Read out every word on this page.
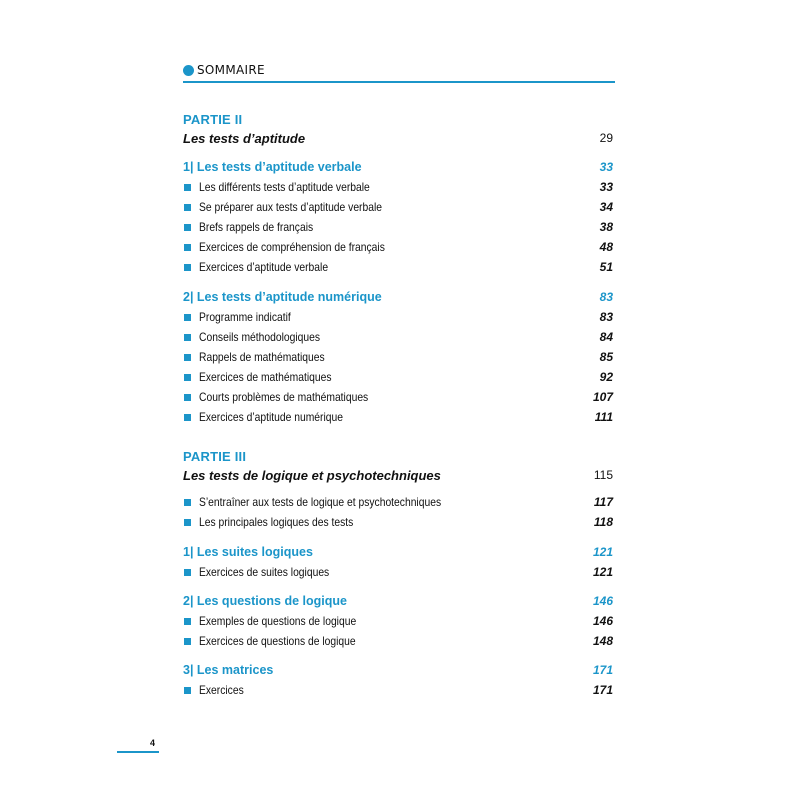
SOMMAIRE
PARTIE II
Les tests d’aptitude	29
1| Les tests d’aptitude verbale	33
Les différents tests d’aptitude verbale	33
Se préparer aux tests d’aptitude verbale	34
Brefs rappels de français	38
Exercices de compréhension de français	48
Exercices d’aptitude verbale	51
2| Les tests d’aptitude numérique	83
Programme indicatif	83
Conseils méthodologiques	84
Rappels de mathématiques	85
Exercices de mathématiques	92
Courts problèmes de mathématiques	107
Exercices d’aptitude numérique	111
PARTIE III
Les tests de logique et psychotechniques	115
S’entraîner aux tests de logique et psychotechniques	117
Les principales logiques des tests	118
1| Les suites logiques	121
Exercices de suites logiques	121
2| Les questions de logique	146
Exemples de questions de logique	146
Exercices de questions de logique	148
3| Les matrices	171
Exercices	171
4
